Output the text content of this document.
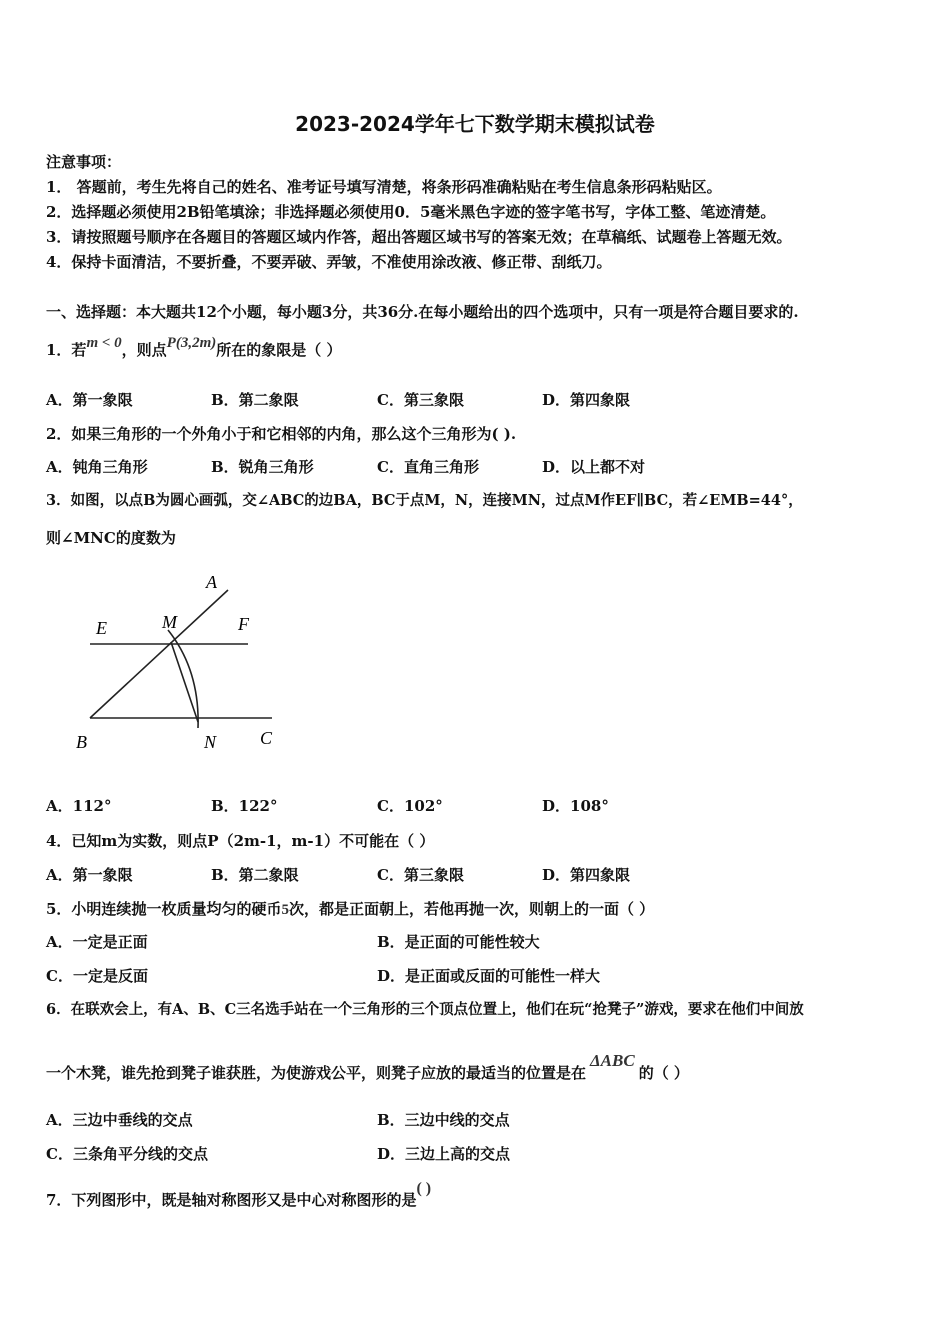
2023-2024学年七下数学期末模拟试卷
注意事项：
1． 答题前，考生先将自己的姓名、准考证号填写清楚，将条形码准确粘贴在考生信息条形码粘贴区。
2．选择题必须使用2B铅笔填涂；非选择题必须使用0．5毫米黑色字迹的签字笔书写，字体工整、笔迹清楚。
3．请按照题号顺序在各题目的答题区域内作答，超出答题区域书写的答案无效；在草稿纸、试题卷上答题无效。
4．保持卡面清洁，不要折叠，不要弄破、弄皱，不准使用涂改液、修正带、刮纸刀。
一、选择题：本大题共12个小题，每小题3分，共36分.在每小题给出的四个选项中，只有一项是符合题目要求的.
1．若m < 0，则点P(3,2m)所在的象限是（ ）
A．第一象限	B．第二象限	C．第三象限	D．第四象限
2．如果三角形的一个外角小于和它相邻的内角，那么这个三角形为( ).
A．钝角三角形	B．锐角三角形	C．直角三角形	D．以上都不对
3．如图，以点B为圆心画弧，交∠ABC的边BA，BC于点M，N，连接MN，过点M作EF∥BC，若∠EMB=44°，
则∠MNC的度数为
A
M
E	F
B	N C
A．112°	B．122°	C．102°	D．108°
4．已知m为实数，则点P（2m-1，m-1）不可能在（ ）
A．第一象限	B．第二象限	C．第三象限	D．第四象限
5．小明连续抛一枚质量均匀的硬币5次，都是正面朝上，若他再抛一次，则朝上的一面（ ）
A．一定是正面	B．是正面的可能性较大
C．一定是反面	D．是正面或反面的可能性一样大
6．在联欢会上，有A、B、C三名选手站在一个三角形的三个顶点位置上，他们在玩“抢凳子”游戏，要求在他们中间放
一个木凳，谁先抢到凳子谁获胜，为使游戏公平，则凳子应放的最适当的位置是在ΔABC的（ ）
A．三边中垂线的交点	B．三边中线的交点
C．三条角平分线的交点	D．三边上高的交点
7．下列图形中，既是轴对称图形又是中心对称图形的是( )
